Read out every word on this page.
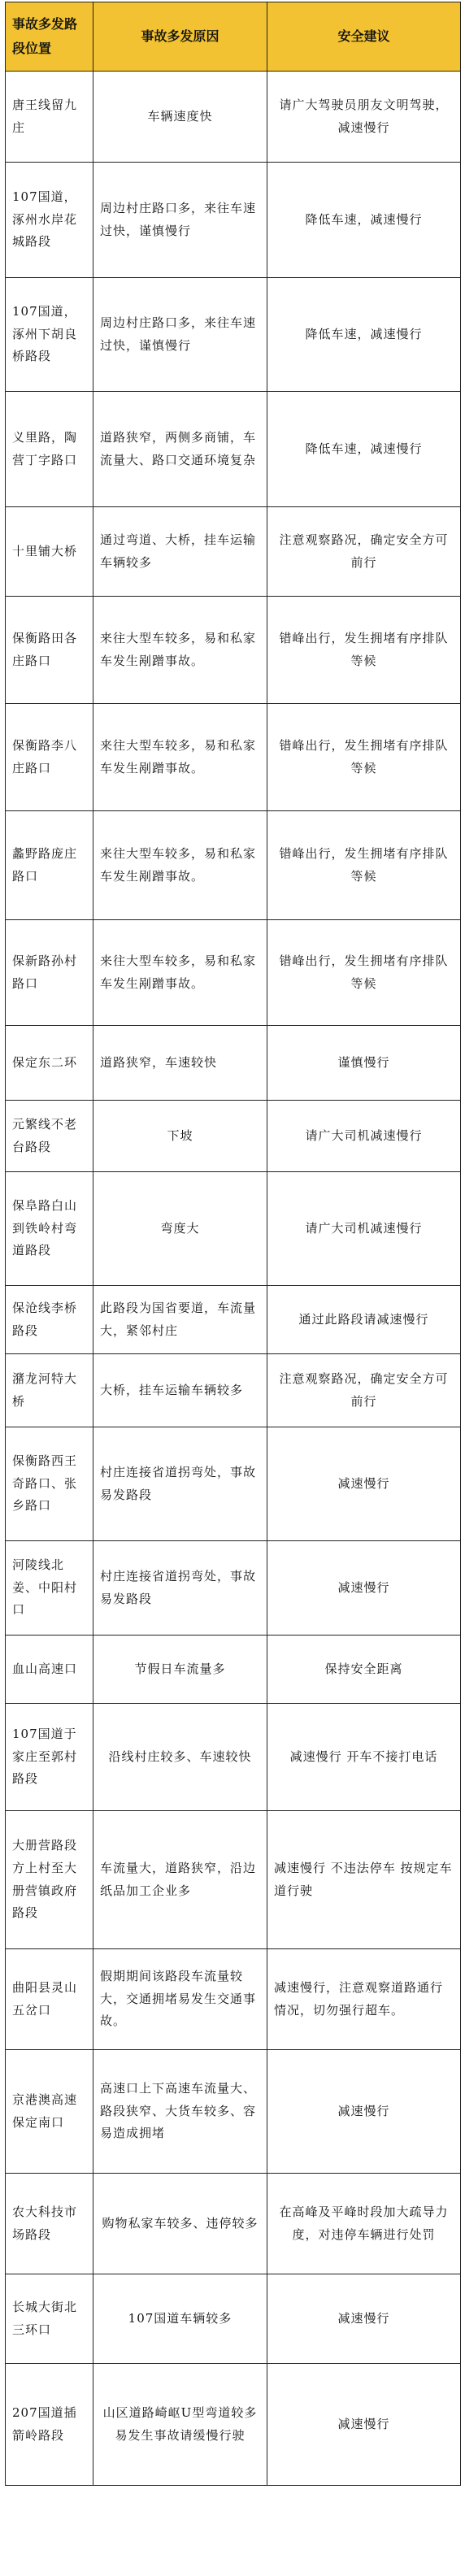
事故多发路段位置	事故多发原因	安全建议
唐王线留九庄	车辆速度快	请广大驾驶员朋友文明驾驶，减速慢行
107国道，涿州水岸花城路段	周边村庄路口多，来往车速过快，谨慎慢行	降低车速，减速慢行
107国道，涿州下胡良桥路段	周边村庄路口多，来往车速过快，谨慎慢行	降低车速，减速慢行
义里路，陶营丁字路口	道路狭窄，两侧多商铺，车流量大、路口交通环境复杂	降低车速，减速慢行
十里铺大桥	通过弯道、大桥，挂车运输车辆较多	注意观察路况，确定安全方可前行
保衡路田各庄路口	来往大型车较多，易和私家车发生剐蹭事故。	错峰出行，发生拥堵有序排队等候
保衡路李八庄路口	来往大型车较多，易和私家车发生剐蹭事故。	错峰出行，发生拥堵有序排队等候
蠡野路庞庄路口	来往大型车较多，易和私家车发生剐蹭事故。	错峰出行，发生拥堵有序排队等候
保新路孙村路口	来往大型车较多，易和私家车发生剐蹭事故。	错峰出行，发生拥堵有序排队等候
保定东二环	道路狭窄，车速较快	谨慎慢行
元繁线不老台路段	下坡	请广大司机减速慢行
保阜路白山到铁岭村弯道路段	弯度大	请广大司机减速慢行
保沧线李桥路段	此路段为国省要道，车流量大，紧邻村庄	通过此路段请减速慢行
潴龙河特大桥	大桥，挂车运输车辆较多	注意观察路况，确定安全方可前行
保衡路西王奇路口、张乡路口	村庄连接省道拐弯处，事故易发路段	减速慢行
河陵线北姜、中阳村口	村庄连接省道拐弯处，事故易发路段	减速慢行
血山高速口	节假日车流量多	保持安全距离
107国道于家庄至郭村路段	沿线村庄较多、车速较快	减速慢行 开车不接打电话
大册营路段方上村至大册营镇政府路段	车流量大，道路狭窄，沿边纸品加工企业多	减速慢行 不违法停车 按规定车道行驶
曲阳县灵山五岔口	假期期间该路段车流量较大，交通拥堵易发生交通事故。	减速慢行，注意观察道路通行情况，切勿强行超车。
京港澳高速保定南口	高速口上下高速车流量大、路段狭窄、大货车较多、容易造成拥堵	减速慢行
农大科技市场路段	购物私家车较多、违停较多	在高峰及平峰时段加大疏导力度，对违停车辆进行处罚
长城大街北三环口	107国道车辆较多	减速慢行
207国道插箭岭路段	山区道路崎岖U型弯道较多易发生事故请缓慢行驶	减速慢行
